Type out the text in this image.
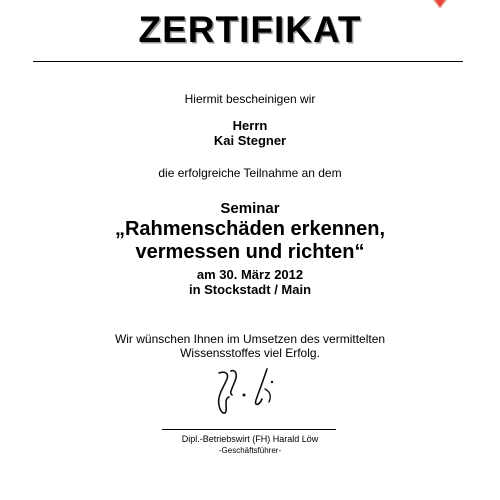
ZERTIFIKAT
Hiermit bescheinigen wir
Herrn
Kai Stegner
die erfolgreiche Teilnahme an dem
Seminar
„Rahmenschäden erkennen,
vermessen und richten“
am 30. März 2012
in Stockstadt / Main
Wir wünschen Ihnen im Umsetzen des vermittelten
Wissensstoffes viel Erfolg.
Dipl.-Betriebswirt (FH) Harald Löw
-Geschäftsführer-
